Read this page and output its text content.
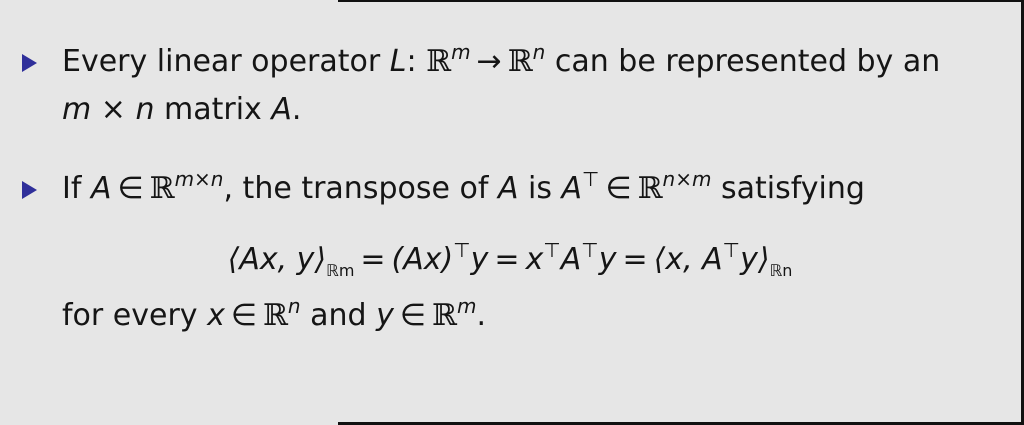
Every linear operator L: ℝ$^m$ → ℝ$^n$ can be represented by an
m × n matrix A.
If A ∈ ℝ$^{m\times n}$, the transpose of A is A⊤ ∈ ℝ$^{n\times m}$ satisfying
⟨Ax, $y⟩_{ℝm} = (Ax)^⊤y = x^⊤A^⊤y$ = ⟨x, $A^⊤y⟩_{ℝn}$
for every x ∈ ℝ$^n$ and y ∈ ℝ$^m$.
